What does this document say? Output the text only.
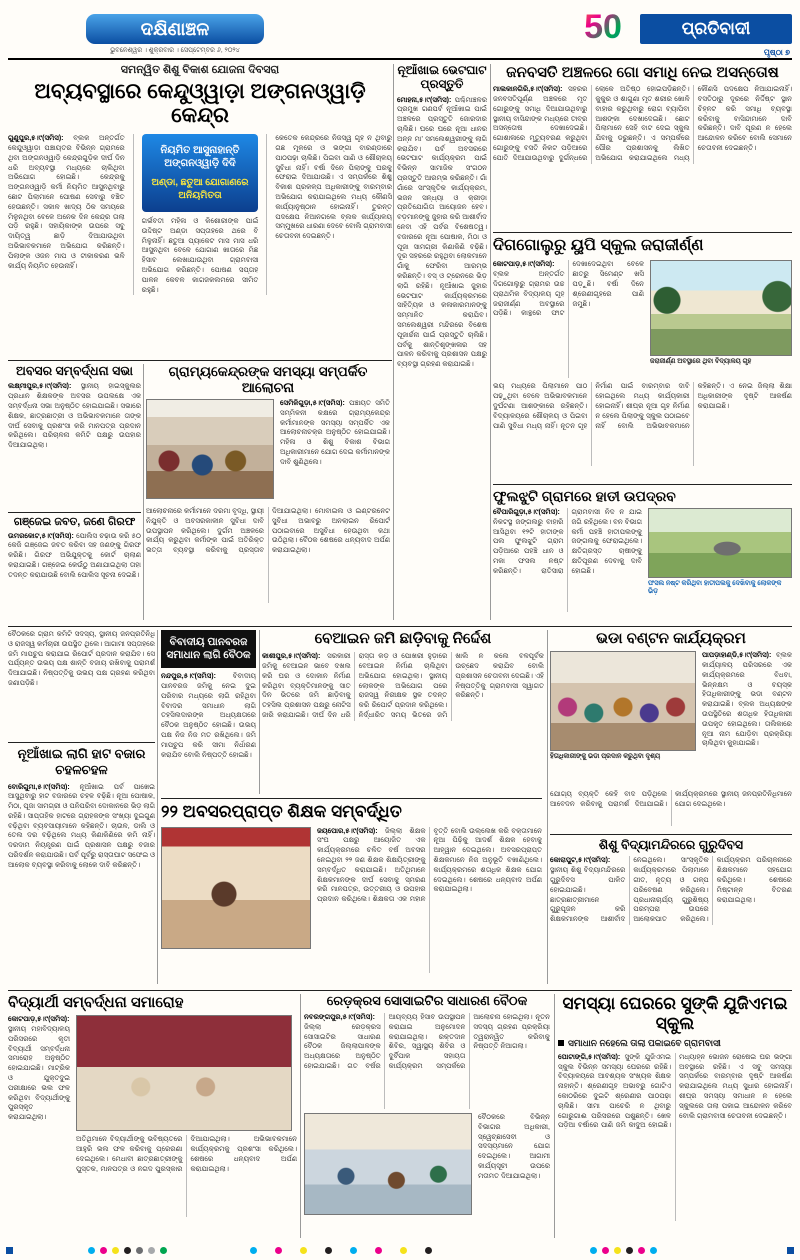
ଦକ୍ଷିଣାଞ୍ଚଳ
ଭୁବନେଶ୍ୱର । ଶୁକ୍ରବାର । ସେପ୍ଟେମ୍ବର ୬, ୨୦୨୪
50	ପ୍ରତିବାଦୀ
ପୃଷ୍ଠା ୭
ସମନ୍ୱିତ ଶିଶୁ ବିକାଶ ଯୋଜନା ଦିବସରା
ଅବ୍ୟବସ୍ଥାରେ କେନ୍ଦୁଓ୍ୱାଡ଼ା ଅଙ୍ଗନଓ୍ୱାଡ଼ି କେନ୍ଦ୍ର

ଗୁଣୁପୁର,୫।୯(ସମିସ): ବ୍ଲକ ଅନ୍ତର୍ଗତ କେନ୍ଦୁଓ୍ୱାଡ଼ା ପଞ୍ଚାୟତର ବିଭିନ୍ନ ଗ୍ରାମରେ ଥିବା ଅଙ୍ଗନଓ୍ୱାଡ଼ି କେନ୍ଦ୍ରଗୁଡ଼ିକ ଦୀର୍ଘ ଦିନ ଧରି ଅବ୍ୟବସ୍ଥା ମଧ୍ୟରେ ଚାଲିଥିବା ଅଭିଯୋଗ ହୋଇଛି। କେନ୍ଦ୍ରକୁ ଅଙ୍ଗନଓ୍ୱାଡ଼ି କର୍ମୀ ନିୟମିତ ଆସୁନଥିବାରୁ ଛୋଟ ପିଲାମାନେ ପୋଷଣ ସେବାରୁ ବଞ୍ଚିତ ହେଉଛନ୍ତି। ସକାଳ ଖାଦ୍ୟ ଠିକ ସମୟରେ ମିଳୁନଥିବା ବେଳେ ଅନେକ ଦିନ କେନ୍ଦ୍ର ତାଲା ପଡ଼ି ରହୁଛି। ସହାୟିକାଙ୍କ ଉପରେ ସବୁ ଦାୟିତ୍ୱ ଛାଡ଼ି ଦିଆଯାଉଥିବା ଅଭିଭାବକମାନେ ଅଭିଯୋଗ କରିଛନ୍ତି। ପିଲାଙ୍କ ଓଜନ ମାପ ଓ ଟୀକାକରଣ ଭଳି କାର୍ଯ୍ୟ ନିୟମିତ ହେଉନାହିଁ।

ନିୟମିତ ଆସୁନାହାନ୍ତି ଅଙ୍ଗନଓ୍ୱାଡ଼ି ଦିଦି
ଅଣ୍ଡା, ଛତୁଆ ଯୋଗାଣରେ ଅନିୟମିତତା

ଗର୍ଭବତୀ ମହିଳା ଓ କିଶୋରୀଙ୍କ ପାଇଁ ଉଦ୍ଦିଷ୍ଟ ଅଣ୍ଡା ସପ୍ତାହରେ ଥରେ ବି ମିଳୁନାହିଁ। ଛତୁଆ ପ୍ୟାକେଟ ମାସ ମାସ ଧରି ଆସୁନଥିବା ବେଳେ ଯୋଗାଣ ଖାତାରେ ମିଛ ହିସାବ ଲେଖାଯାଉଥିବା ଗ୍ରାମବାସୀ ଅଭିଯୋଗ କରିଛନ୍ତି। ପୋଷଣ ସପ୍ତାହ ପାଳନ କେବଳ କାଗଜକଲମରେ ସୀମିତ ରହୁଛି।

କେତେକ କେନ୍ଦ୍ରରେ ନିଜସ୍ୱ ଗୃହ ନ ଥିବାରୁ ଗଛ ମୂଳରେ ଓ ଭଙ୍ଗା ବାରଣ୍ଡାରେ ପାଠପଢ଼ା ଚାଲିଛି। ପିଇବା ପାଣି ଓ ଶୌଚାଳୟ ସୁବିଧା ନାହିଁ। ବର୍ଷା ଦିନେ ପିଲାଙ୍କୁ ଘରକୁ ଫେରାଇ ଦିଆଯାଉଛି। ଏ ସମ୍ପର୍କରେ ଶିଶୁ ବିକାଶ ପ୍ରକଳ୍ପ ଅଧିକାରୀଙ୍କୁ ବାରମ୍ବାର ଅଭିଯୋଗ କରାଯାଇଥିଲେ ମଧ୍ୟ କୌଣସି କାର୍ଯ୍ୟାନୁଷ୍ଠାନ ହୋଇନାହିଁ। ତୁରନ୍ତ ପଦକ୍ଷେପ ନିଆନଗଲେ ବ୍ଲକ କାର୍ଯ୍ୟାଳୟ ସମ୍ମୁଖରେ ଧାରଣା ଦେବେ ବୋଲି ଗ୍ରାମବାସୀ ଚେତାବନୀ ଦେଇଛନ୍ତି।

ନୂଆଁଖାଇ ଭେଟଘାଟ ପ୍ରସ୍ତୁତି

ମୋହନା,୫।୯(ସମିସ): ପଶ୍ଚିମାଞ୍ଚଳର ପ୍ରମୁଖ ଗଣପର୍ବ ନୂଆଁଖାଇ ପାଇଁ ଅଞ୍ଚଳରେ ପ୍ରସ୍ତୁତି ଜୋରଦାର ଚାଲିଛି। ଘରେ ଘରେ ନୂଆ ଧାନର ଅନ୍ନ ମା' ସମଲେଶ୍ୱରୀଙ୍କୁ ଲାଗି କରାଯିବ। ପର୍ବ ଅବସରରେ ଭେଟଘାଟ କାର୍ଯ୍ୟକ୍ରମ ପାଇଁ ବିଭିନ୍ନ ସାମାଜିକ ସଂଗଠନ ପ୍ରସ୍ତୁତି ଆରମ୍ଭ କରିଛନ୍ତି। ଗାଁ ଗାଁରେ ସାଂସ୍କୃତିକ କାର୍ଯ୍ୟକ୍ରମ, ଭଜନ ସନ୍ଧ୍ୟା ଓ କ୍ରୀଡ଼ା ପ୍ରତିଯୋଗିତା ଆୟୋଜନ ହେବ। ବଡ଼ମାନଙ୍କୁ ଜୁହାର କରି ଆଶୀର୍ବାଦ ନେବା ଏହି ପର୍ବର ବିଶେଷତ୍ୱ। ବଜାରରେ ନୂଆ ପୋଷାକ, ମିଠା ଓ ପୂଜା ସାମଗ୍ରୀ କିଣାକିଣି ବଢ଼ିଛି। ଦୂର ସହରରେ ରହୁଥିବା ଲୋକମାନେ ଗାଁକୁ ଫେରିବା ଆରମ୍ଭ କରିଛନ୍ତି। ବସ୍ ଓ ଟ୍ରେନରେ ଭିଡ଼ ଲାଗି ରହିଛି। ନୂଆଁଖାଇ ଜୁହାର ଭେଟଘାଟ କାର୍ଯ୍ୟକ୍ରମରେ ସାହିତ୍ୟିକ ଓ କଳାକାରମାନଙ୍କୁ ସମ୍ମାନିତ କରାଯିବ। ସମଲେଶ୍ୱରୀ ମନ୍ଦିରରେ ବିଶେଷ ପୂଜାର୍ଚ୍ଚନା ପାଇଁ ପ୍ରସ୍ତୁତି ଚାଲିଛି। ପର୍ବକୁ ଶାନ୍ତିଶୃଙ୍ଖଳାର ସହ ପାଳନ କରିବାକୁ ପ୍ରଶାସନ ପକ୍ଷରୁ ବ୍ୟବସ୍ଥା ଗ୍ରହଣ କରାଯାଇଛି।

ଜନବସତି ଅଞ୍ଚଳରେ ଗୋ ସମାଧି ନେଇ ଅସନ୍ତୋଷ

ମାଲକାନଗିରି,୫।୯(ସମିସ): ସହରର ଜନବସତିପୂର୍ଣ୍ଣ ଅଞ୍ଚଳରେ ମୃତ ଗୋରୁଙ୍କୁ ସମାଧି ଦିଆଯାଉଥିବାରୁ ସ୍ଥାନୀୟ ବାସିନ୍ଦାଙ୍କ ମଧ୍ୟରେ ତୀବ୍ର ଅସନ୍ତୋଷ ଦେଖାଦେଇଛି। ଗୋଶାଳାରେ ମୃତ୍ୟୁବରଣ କରୁଥିବା ଗୋରୁଙ୍କୁ ବସତି ନିକଟ ପଡ଼ିଆରେ ପୋତି ଦିଆଯାଉଥିବାରୁ ଦୁର୍ଗନ୍ଧରେ ଲୋକେ ଅତିଷ୍ଠ ହୋଇପଡ଼ିଛନ୍ତି। କୁକୁର ଓ ଶାଗୁଣା ମୃତ ଶରୀର ଖୋଳି ବାହାର କରୁଥିବାରୁ ରୋଗ ବ୍ୟାପିବା ଆଶଙ୍କା ଦେଖାଦେଇଛି। ଛୋଟ ପିଲାମାନେ ସେହି ବାଟ ଦେଇ ସ୍କୁଲ ଯିବାକୁ ଡରୁଛନ୍ତି। ଏ ସମ୍ପର୍କରେ ପୌର ପ୍ରଶାସନକୁ ଲିଖିତ ଅଭିଯୋଗ କରାଯାଇଥିଲେ ମଧ୍ୟ କୌଣସି ପଦକ୍ଷେପ ନିଆଯାଇନାହିଁ। ବସତିଠାରୁ ଦୂରରେ ନିର୍ଦ୍ଦିଷ୍ଟ ସ୍ଥାନ ଚିହ୍ନଟ କରି ସମାଧି ବ୍ୟବସ୍ଥା କରିବାକୁ ବାସିନ୍ଦାମାନେ ଦାବି କରିଛନ୍ତି। ଦାବି ପୂରଣ ନ ହେଲେ ଆନ୍ଦୋଳନ କରିବେ ବୋଲି ସେମାନେ ଚେତାବନୀ ଦେଇଛନ୍ତି।

ଦିଗଗୋଲୁରୁ ୟୁପି ସ୍କୁଲ ଜରାଜୀର୍ଣ୍ଣ

କୋଟପାଡ଼,୫।୯(ସମିସ): ବ୍ଲକ ଅନ୍ତର୍ଗତ ଦିଗଗୋଲୁରୁ ଗ୍ରାମର ଉଚ୍ଚ ପ୍ରାଥମିକ ବିଦ୍ୟାଳୟ ଗୃହ ଜରାଜୀର୍ଣ୍ଣ ଅବସ୍ଥାରେ ପଡ଼ିଛି। କାନ୍ଥରେ ଫାଟ ଦେଖାଦେଇଥିବା ବେଳେ ଛାତରୁ ସିମେଣ୍ଟ ଖସି ପଡ଼ୁଛି। ବର୍ଷା ଦିନେ ଶ୍ରେଣୀଗୃହରେ ପାଣି ଜମୁଛି।

ଜରାଜୀର୍ଣ୍ଣ ଅବସ୍ଥାରେ ଥିବା ବିଦ୍ୟାଳୟ ଗୃହ

ଭୟ ମଧ୍ୟରେ ପିଲାମାନେ ପାଠ ପଢ଼ୁଥିବା ବେଳେ ଅଭିଭାବକମାନେ ଦୁର୍ଘଟଣା ଆଶଙ୍କାରେ ରହିଛନ୍ତି। ବିଦ୍ୟାଳୟରେ ଶୌଚାଳୟ ଓ ପିଇବା ପାଣି ସୁବିଧା ମଧ୍ୟ ନାହିଁ। ନୂତନ ଗୃହ ନିର୍ମାଣ ପାଇଁ ବାରମ୍ବାର ଦାବି ହୋଇଥିଲେ ମଧ୍ୟ କାର୍ଯ୍ୟକାରୀ ହୋଇନାହିଁ। ଶୀଘ୍ର ନୂଆ ଗୃହ ନିର୍ମାଣ ନ ହେଲେ ପିଲାଙ୍କୁ ସ୍କୁଲ ପଠାଇବେ ନାହିଁ ବୋଲି ଅଭିଭାବକମାନେ କହିଛନ୍ତି। ଏ ନେଇ ଜିଲ୍ଲା ଶିକ୍ଷା ଅଧିକାରୀଙ୍କ ଦୃଷ୍ଟି ଆକର୍ଷଣ କରାଯାଇଛି।

ଅବସର ସମ୍ବର୍ଦ୍ଧନା ସଭା

ଲକ୍ଷ୍ମୀପୁର,୫।୯(ସମିସ): ସ୍ଥାନୀୟ ହାଇସ୍କୁଲର ପ୍ରଧାନ ଶିକ୍ଷକଙ୍କ ଅବସର ଉପଲକ୍ଷେ ଏକ ସମ୍ବର୍ଦ୍ଧନା ସଭା ଅନୁଷ୍ଠିତ ହୋଇଯାଇଛି। ସଭାରେ ଶିକ୍ଷକ, ଛାତ୍ରଛାତ୍ରୀ ଓ ଅଭିଭାବକମାନେ ତାଙ୍କ ଦୀର୍ଘ ସେବାକୁ ପ୍ରଶଂସା କରି ମାନପତ୍ର ପ୍ରଦାନ କରିଥିଲେ। ପରିଚାଳନା କମିଟି ପକ୍ଷରୁ ଉପହାର ଦିଆଯାଇଥିଲା।

ଗଞ୍ଜେଇ ଜବତ, ଜଣେ ଗିରଫ

ଉମରକୋଟ,୫।୯(ସମିସ): ପୋଲିସ ଚଢ଼ାଉ କରି ୫୦ କେଜି ଗଞ୍ଜେଇ ଜବତ କରିବା ସହ ଜଣଙ୍କୁ ଗିରଫ କରିଛି। ଗିରଫ ଅଭିଯୁକ୍ତକୁ କୋର୍ଟ ଚାଲାଣ କରାଯାଇଛି। ଗଞ୍ଜେଇ କେଉଁଠୁ ଅଣାଯାଇଥିଲା ତାହା ତଦନ୍ତ କରାଯାଉଛି ବୋଲି ପୋଲିସ ସୂଚନା ଦେଇଛି।

ଗ୍ରାମ୍ୟକେନ୍ଦ୍ରଙ୍କ ସମସ୍ୟା ସମ୍ପର୍କିତ ଆଲୋଚନା

ସେମିଳିଗୁଡ଼ା,୫।୯(ସମିସ): ପଞ୍ଚାୟତ ସମିତି ସମ୍ମିଳନୀ କକ୍ଷରେ ଗ୍ରାମ୍ୟକେନ୍ଦ୍ର କର୍ମୀମାନଙ୍କ ସମସ୍ୟା ସମ୍ପର୍କିତ ଏକ ଆଲୋଚନାଚକ୍ର ଅନୁଷ୍ଠିତ ହୋଇଯାଇଛି। ମହିଳା ଓ ଶିଶୁ ବିକାଶ ବିଭାଗ ଅଧିକାରୀମାନେ ଯୋଗ ଦେଇ କର୍ମୀମାନଙ୍କ ଦାବି ଶୁଣିଥିଲେ।

ଆଲୋଚନାରେ କର୍ମୀମାନେ ଦରମା ବୃଦ୍ଧି, ସ୍ଥାୟୀ ନିଯୁକ୍ତି ଓ ଅବସରକାଳୀନ ସୁବିଧା ଦାବି ଉପସ୍ଥାପନ କରିଥିଲେ। ଦୁର୍ଗମ ଅଞ୍ଚଳରେ କାର୍ଯ୍ୟ କରୁଥିବା କର୍ମୀଙ୍କ ପାଇଁ ଅତିରିକ୍ତ ଭତ୍ତା ବ୍ୟବସ୍ଥା କରିବାକୁ ପ୍ରସ୍ତାବ ଦିଆଯାଇଥିଲା। ମୋବାଇଲ ଓ ଇଣ୍ଟରନେଟ ସୁବିଧା ଅଭାବରୁ ଅନଲାଇନ ରିପୋର୍ଟ ପଠାଇବାରେ ଅସୁବିଧା ହେଉଥିବା କଥା ଉଠିଥିଲା। ବୈଠକ ଶେଷରେ ଧନ୍ୟବାଦ ଅର୍ପଣ କରାଯାଇଥିଲା।

ଫୁଲଝୁଟି ଗ୍ରାମରେ ହାତୀ ଉପଦ୍ରବ

ବୈପାରିଗୁଡ଼ା,୫।୯(ସମିସ): ନିକଟସ୍ଥ ଜଙ୍ଗଲରୁ ବାହାରି ଆସିଥିବା ୧୨ଟି ହାତୀଙ୍କ ପଲ ଫୁଲଝୁଟି ଗ୍ରାମ ପଡ଼ିଆରେ ପହଞ୍ଚି ଧାନ ଓ ମକା ଫସଲ ନଷ୍ଟ କରିଛନ୍ତି। ରାତିସାରା ଗ୍ରାମବାସୀ ନିଦ ନ ଯାଇ ଜଗି ରହିଥିଲେ। ବନ ବିଭାଗ କର୍ମୀ ପହଞ୍ଚି ହାତୀପଲଙ୍କୁ ଜଙ୍ଗଲକୁ ଫେରାଇଥିଲେ। କ୍ଷତିଗ୍ରସ୍ତ ଚାଷୀଙ୍କୁ କ୍ଷତିପୂରଣ ଦେବାକୁ ଦାବି ହୋଇଛି।

ଫସଲ ନଷ୍ଟ କରିଥିବା ହାତୀପଲକୁ ଦେଖିବାକୁ ଲୋକଙ୍କ ଭିଡ଼

ବୈଠକରେ ଗ୍ରାମ କମିଟି ସଦସ୍ୟ, ସ୍ଥାନୀୟ ଜନପ୍ରତିନିଧି ଓ ରାଜସ୍ୱ କର୍ମଚାରୀ ଉପସ୍ଥିତ ଥିଲେ। ଆଗାମୀ ସପ୍ତାହରେ ଜମି ମାପଚୁପ କରାଯାଇ ରିପୋର୍ଟ ପ୍ରଦାନ କରାଯିବ। ସେ ପର୍ଯ୍ୟନ୍ତ ଉଭୟ ପକ୍ଷ ଶାନ୍ତି ବଜାୟ ରଖିବାକୁ ପରାମର୍ଶ ଦିଆଯାଇଛି। ନିଷ୍ପତ୍ତିକୁ ଉଭୟ ପକ୍ଷ ଗ୍ରହଣ କରିଥିବା ଜଣାପଡ଼ିଛି।

ନୂଆଁଖାଇ ଲାଗି ହାଟ ବଜାର ଚହଳଚହଳ

ବୋରିଗୁମା,୫।୯(ସମିସ): ନୂଆଁଖାଇ ପର୍ବ ପାଖେଇ ଆସୁଥିବାରୁ ହାଟ ବଜାରରେ ଚହଳ ବଢ଼ିଛି। ନୂଆ ପୋଷାକ, ମିଠା, ପୂଜା ସାମଗ୍ରୀ ଓ ପନିପରିବା ଦୋକାନରେ ଭିଡ଼ ଲାଗି ରହିଛି। ସାପ୍ତାହିକ ହାଟରେ ଗ୍ରାହକଙ୍କ ସଂଖ୍ୟା ଦୁଇଗୁଣ ବଢ଼ିଥିବା ବ୍ୟବସାୟୀମାନେ କହିଛନ୍ତି। ଚାଉଳ, ଡାଲି ଓ ତେଲ ଦର ବଢ଼ିଥିଲେ ମଧ୍ୟ କିଣାକିଣିରେ କମି ନାହିଁ। ଦରଦାମ ନିୟନ୍ତ୍ରଣ ପାଇଁ ପ୍ରଶାସନ ପକ୍ଷରୁ ବଜାର ପରିଦର୍ଶନ କରାଯାଉଛି। ପର୍ବ ପୂର୍ବରୁ ରାସ୍ତାଘାଟ ସଫେଇ ଓ ଆଲୋକ ବ୍ୟବସ୍ଥା କରିବାକୁ ଲୋକେ ଦାବି କରିଛନ୍ତି।

ବିବାଦୀୟ ପାନବରଜ ସମାଧାନ ଲାଗି ବୈଠକ

ନନ୍ଦପୁର,୫।୯(ସମିସ): ବିବାଦୀୟ ପାନବରଜ ଜମିକୁ ନେଇ ଦୁଇ ପରିବାର ମଧ୍ୟରେ ଲାଗି ରହିଥିବା ବିବାଦର ସମାଧାନ ଲାଗି ତହସିଲଦାରଙ୍କ ଅଧ୍ୟକ୍ଷତାରେ ବୈଠକ ଅନୁଷ୍ଠିତ ହୋଇଛି। ଉଭୟ ପକ୍ଷ ନିଜ ନିଜ ମତ ରଖିଥିଲେ। ଜମି ମାପଚୁପ କରି ସୀମା ନିର୍ଧାରଣ କରାଯିବ ବୋଲି ନିଷ୍ପତ୍ତି ହୋଇଛି।

ବେଆଇନ ଜମି ଛାଡ଼ିବାକୁ ନିର୍ଦ୍ଦେଶ

କାଶୀପୁର,୫।୯(ସମିସ): ସରକାରୀ ଜମିକୁ ବେଆଇନ ଭାବେ ଦଖଲ କରି ଘର ଓ ଦୋକାନ ନିର୍ମାଣ କରିଥିବା ବ୍ୟକ୍ତିମାନଙ୍କୁ ସାତ ଦିନ ଭିତରେ ଜମି ଛାଡ଼ିବାକୁ ତହସିଲ ପ୍ରଶାସନ ପକ୍ଷରୁ ନୋଟିସ ଜାରି କରାଯାଇଛି। ଦୀର୍ଘ ଦିନ ଧରି ରାସ୍ତା କଡ଼ ଓ ପୋଖରୀ ହୁଡ଼ାରେ ବେଆଇନ ନିର୍ମାଣ ଚାଲିଥିବା ଅଭିଯୋଗ ହୋଇଥିଲା। ସ୍ଥାନୀୟ ଲୋକଙ୍କ ଅଭିଯୋଗ ପରେ ରାଜସ୍ୱ ନିରୀକ୍ଷକ ସ୍ଥଳ ତଦନ୍ତ କରି ରିପୋର୍ଟ ପ୍ରଦାନ କରିଥିଲେ। ନିର୍ଦ୍ଧାରିତ ସମୟ ଭିତରେ ଜମି ଖାଲି ନ କଲେ ବଳପୂର୍ବକ ଉଚ୍ଛେଦ କରାଯିବ ବୋଲି ପ୍ରଶାସନ ଚେତାବନୀ ଦେଇଛି। ଏହି ନିଷ୍ପତ୍ତିକୁ ଗ୍ରାମବାସୀ ସ୍ୱାଗତ କରିଛନ୍ତି।

ଭଡା ବଣ୍ଟନ କାର୍ଯ୍ୟକ୍ରମ
ହିତାଧିକାରୀଙ୍କୁ ଭଡା ପ୍ରଦାନ କରୁଥିବା ଦୃଶ୍ୟ

ପାପଡ଼ାହାଣ୍ଡି,୫।୯(ସମିସ): ବ୍ଲକ କାର୍ଯ୍ୟାଳୟ ପରିସରରେ ଏକ କାର୍ଯ୍ୟକ୍ରମରେ ବିଧବା, ଭିନ୍ନକ୍ଷମ ଓ ବୟସ୍କ ହିତାଧିକାରୀଙ୍କୁ ଭଡା ବଣ୍ଟନ କରାଯାଇଛି। ବ୍ଲକ ଅଧ୍ୟକ୍ଷଙ୍କ ଉପସ୍ଥିତିରେ ଶତାଧିକ ହିତାଧିକାରୀ ଉପକୃତ ହୋଇଥିଲେ। ତାଲିକାରେ ନୂଆ ନାମ ଯୋଡ଼ିବା ପ୍ରକ୍ରିୟା ଚାଲିଥିବା କୁହାଯାଇଛି।

ଯୋଗ୍ୟ ବ୍ୟକ୍ତି କେହି ବାଦ ପଡ଼ିଥିଲେ ଆବେଦନ କରିବାକୁ ପରାମର୍ଶ ଦିଆଯାଇଛି। କାର୍ଯ୍ୟକ୍ରମରେ ସ୍ଥାନୀୟ ଜନପ୍ରତିନିଧିମାନେ ଯୋଗ ଦେଇଥିଲେ।

୨୨ ଅବସରପ୍ରାପ୍ତ ଶିକ୍ଷକ ସମ୍ବର୍ଦ୍ଧିତ

ଜୟପୋର,୫।୯(ସମିସ): ଜିଲ୍ଲା ଶିକ୍ଷକ ସଂଘ ପକ୍ଷରୁ ଆୟୋଜିତ ଏକ କାର୍ଯ୍ୟକ୍ରମରେ ଚଳିତ ବର୍ଷ ଅବସର ନେଇଥିବା ୨୨ ଜଣ ଶିକ୍ଷକ ଶିକ୍ଷୟିତ୍ରୀଙ୍କୁ ସମ୍ବର୍ଦ୍ଧିତ କରାଯାଇଛି। ଅତିଥିମାନେ ଶିକ୍ଷକମାନଙ୍କ ଦୀର୍ଘ ସେବାକୁ ସ୍ମରଣ କରି ମାନପତ୍ର, ଉତ୍ତରୀୟ ଓ ଉପହାର ପ୍ରଦାନ କରିଥିଲେ। ଶିକ୍ଷକତା ଏକ ମହାନ ବୃତ୍ତି ବୋଲି ଉଲ୍ଲେଖ କରି ବକ୍ତାମାନେ ନୂଆ ପିଢ଼ିକୁ ଆଦର୍ଶ ଶିକ୍ଷକ ହେବାକୁ ଆହ୍ୱାନ ଦେଇଥିଲେ। ଅବସରପ୍ରାପ୍ତ ଶିକ୍ଷକମାନେ ନିଜ ଅନୁଭୂତି ବଖାଣିଥିଲେ। କାର୍ଯ୍ୟକ୍ରମରେ ଶତାଧିକ ଶିକ୍ଷକ ଯୋଗ ଦେଇଥିଲେ। ଶେଷରେ ଧନ୍ୟବାଦ ଅର୍ପଣ କରାଯାଇଥିଲା।

ଶିଶୁ ବିଦ୍ୟାମନ୍ଦିରରେ ଗୁରୁଦିବସ

କୋରାପୁଟ,୫।୯(ସମିସ): ସ୍ଥାନୀୟ ଶିଶୁ ବିଦ୍ୟାମନ୍ଦିରରେ ଗୁରୁଦିବସ ପାଳିତ ହୋଇଯାଇଛି। ଛାତ୍ରଛାତ୍ରୀମାନେ ଗୁରୁପୂଜନ କରି ଶିକ୍ଷକମାନଙ୍କ ଆଶୀର୍ବାଦ ନେଇଥିଲେ। ସାଂସ୍କୃତିକ କାର୍ଯ୍ୟକ୍ରମରେ ପିଲାମାନେ ଗୀତ, ନୃତ୍ୟ ଓ ଗଳ୍ପ ପରିବେଷଣ କରିଥିଲେ। ପ୍ରଧାନାଚାର୍ଯ୍ୟ ଗୁରୁଶିଷ୍ୟ ପରମ୍ପରା ଉପରେ ଆଲୋକପାତ କରିଥିଲେ। କାର୍ଯ୍ୟକ୍ରମ ପରିଚାଳନାରେ ଶିକ୍ଷକମାନେ ସହଯୋଗ କରିଥିଲେ। ଶେଷରେ ମିଷ୍ଟାନ୍ନ ବିତରଣ କରାଯାଇଥିଲା।

ବିଦ୍ୟାର୍ଥୀ ସମ୍ବର୍ଦ୍ଧନା ସମାରୋହ

କୋଟପାଡ଼,୫।୯(ସମିସ): ସ୍ଥାନୀୟ ମହାବିଦ୍ୟାଳୟ ପରିସରରେ କୃତୀ ବିଦ୍ୟାର୍ଥୀ ସମ୍ବର୍ଦ୍ଧନା ସମାରୋହ ଅନୁଷ୍ଠିତ ହୋଇଯାଇଛି। ମାଟ୍ରିକ ଓ ଯୁକ୍ତଦୁଇ ପରୀକ୍ଷାରେ ଭଲ ଫଳ କରିଥିବା ବିଦ୍ୟାର୍ଥୀଙ୍କୁ ପୁରସ୍କୃତ କରାଯାଇଥିଲା।

ଅତିଥିମାନେ ବିଦ୍ୟାର୍ଥୀଙ୍କୁ ଭବିଷ୍ୟତରେ ଆହୁରି ଭଲ ଫଳ କରିବାକୁ ପ୍ରେରଣା ଦେଇଥିଲେ। ମେଧାବୀ ଛାତ୍ରଛାତ୍ରୀଙ୍କୁ ପୁସ୍ତକ, ମାନପତ୍ର ଓ ନଗଦ ପୁରସ୍କାର ଦିଆଯାଇଥିଲା। ଅଭିଭାବକମାନେ କାର୍ଯ୍ୟକ୍ରମକୁ ପ୍ରଶଂସା କରିଥିଲେ। ଶେଷରେ ଧନ୍ୟବାଦ ଅର୍ପଣ କରାଯାଇଥିଲା।

ରେଡ଼କ୍ରସ ସୋସାଇଟିର ସାଧାରଣ ବୈଠକ

ନବରଙ୍ଗପୁର,୫।୯(ସମିସ): ଜିଲ୍ଲା ରେଡ଼କ୍ରସ ସୋସାଇଟିର ସାଧାରଣ ବୈଠକ ଜିଲ୍ଲାପାଳଙ୍କ ଅଧ୍ୟକ୍ଷତାରେ ଅନୁଷ୍ଠିତ ହୋଇଯାଇଛି। ଗତ ବର୍ଷର ଆୟବ୍ୟୟ ହିସାବ ଉପସ୍ଥାପନ କରାଯାଇ ଅନୁମୋଦନ କରାଯାଇଥିଲା। ରକ୍ତଦାନ ଶିବିର, ସ୍ୱାସ୍ଥ୍ୟ ଶିବିର ଓ ଦୁର୍ବିପାକ ସହାୟତା କାର୍ଯ୍ୟକ୍ରମ ସମ୍ପର୍କରେ ଆଲୋଚନା ହୋଇଥିଲା। ନୂତନ ସଦସ୍ୟ ଗ୍ରହଣ ପ୍ରକ୍ରିୟା ତ୍ୱରାନ୍ୱିତ କରିବାକୁ ନିଷ୍ପତ୍ତି ନିଆଗଲା।

ବୈଠକରେ ବିଭିନ୍ନ ବିଭାଗର ଅଧିକାରୀ, ସ୍ୱେଚ୍ଛାସେବୀ ଓ ସଦସ୍ୟମାନେ ଯୋଗ ଦେଇଥିଲେ। ଆଗାମୀ କାର୍ଯ୍ୟସୂଚୀ ଉପରେ ମତାମତ ଦିଆଯାଇଥିଲା।

ସମସ୍ୟା ଘେରରେ ସୁଙ୍କି ଯୁଜିଏମଇ ସ୍କୁଲ
ସମାଧାନ ନହେଲେ ତାଲା ପକାଇବେ ଗ୍ରାମବାସୀ

ପୋଟାଙ୍ଗି,୫।୯(ସମିସ): ସୁଙ୍କି ଯୁଜିଏମଇ ସ୍କୁଲ ବିଭିନ୍ନ ସମସ୍ୟା ଘେରରେ ରହିଛି। ବିଦ୍ୟାଳୟରେ ଆବଶ୍ୟକ ସଂଖ୍ୟକ ଶିକ୍ଷକ ନାହାନ୍ତି। ଶ୍ରେଣୀଗୃହ ଅଭାବରୁ ଗୋଟିଏ କୋଠରିରେ ଦୁଇଟି ଶ୍ରେଣୀର ପାଠପଢ଼ା ଚାଲିଛି। ସୀମା ପାଚେରି ନ ଥିବାରୁ ଗୋରୁଗାଈ ପରିସରରେ ପଶୁଛନ୍ତି। ଖେଳ ପଡ଼ିଆ ବର୍ଷାରେ ପାଣି ଜମି କାଦୁଅ ହୋଇଛି। ମଧ୍ୟାହ୍ନ ଭୋଜନ ରୋଷେଇ ଘର ଭଙ୍ଗା ଅବସ୍ଥାରେ ରହିଛି। ଏ ସବୁ ସମସ୍ୟା ସମ୍ପର୍କରେ ବାରମ୍ବାର ଦୃଷ୍ଟି ଆକର୍ଷଣ କରାଯାଇଥିଲେ ମଧ୍ୟ ସୁଧାର ହୋଇନାହିଁ। ଶୀଘ୍ର ସମସ୍ୟା ସମାଧାନ ନ ହେଲେ ସ୍କୁଲରେ ତାଲା ପକାଇ ଆନ୍ଦୋଳନ କରିବେ ବୋଲି ଗ୍ରାମବାସୀ ଚେତାବନୀ ଦେଇଛନ୍ତି।
